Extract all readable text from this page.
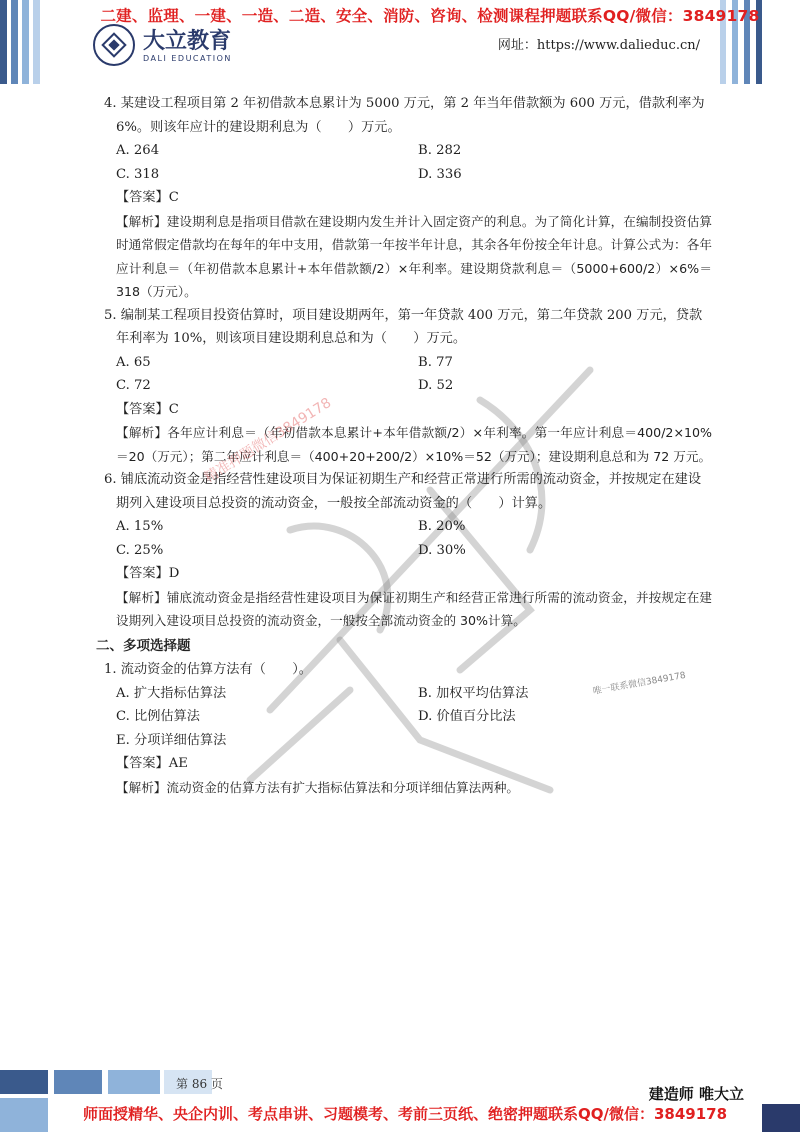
二建、监理、一建、一造、二造、安全、消防、咨询、检测课程押题联系QQ/微信：3849178
大立教育
DALI EDUCATION
网址：https://www.dalieduc.cn/

4. 某建设工程项目第 2 年初借款本息累计为 5000 万元，第 2 年当年借款额为 600 万元，借款利率为 6%。则该年应计的建设期利息为（　　）万元。

A. 264	B. 282
C. 318	D. 336

【答案】C

【解析】建设期利息是指项目借款在建设期内发生并计入固定资产的利息。为了简化计算，在编制投资估算时通常假定借款均在每年的年中支用，借款第一年按半年计息，其余各年份按全年计息。计算公式为：各年应计利息＝（年初借款本息累计+本年借款额/2）×年利率。建设期贷款利息＝（5000+600/2）×6%＝318（万元）。

5. 编制某工程项目投资估算时，项目建设期两年，第一年贷款 400 万元，第二年贷款 200 万元，贷款年利率为 10%，则该项目建设期利息总和为（　　）万元。

A. 65	B. 77
C. 72	D. 52

【答案】C

【解析】各年应计利息＝（年初借款本息累计+本年借款额/2）×年利率。第一年应计利息＝400/2×10%＝20（万元）；第二年应计利息＝（400+20+200/2）×10%＝52（万元）；建设期利息总和为 72 万元。

6. 铺底流动资金是指经营性建设项目为保证初期生产和经营正常进行所需的流动资金，并按规定在建设期列入建设项目总投资的流动资金，一般按全部流动资金的（　　）计算。

A. 15%	B. 20%
C. 25%	D. 30%

【答案】D

【解析】铺底流动资金是指经营性建设项目为保证初期生产和经营正常进行所需的流动资金，并按规定在建设期列入建设项目总投资的流动资金，一般按全部流动资金的 30%计算。

二、多项选择题

1. 流动资金的估算方法有（　　）。

A. 扩大指标估算法	B. 加权平均估算法
C. 比例估算法	D. 价值百分比法
E. 分项详细估算法

【答案】AE

【解析】流动资金的估算方法有扩大指标估算法和分项详细估算法两种。

精准押题微信3849178
唯一联系微信3849178
第 86 页
建造师 唯大立
师面授精华、央企内训、考点串讲、习题模考、考前三页纸、绝密押题联系QQ/微信：3849178
